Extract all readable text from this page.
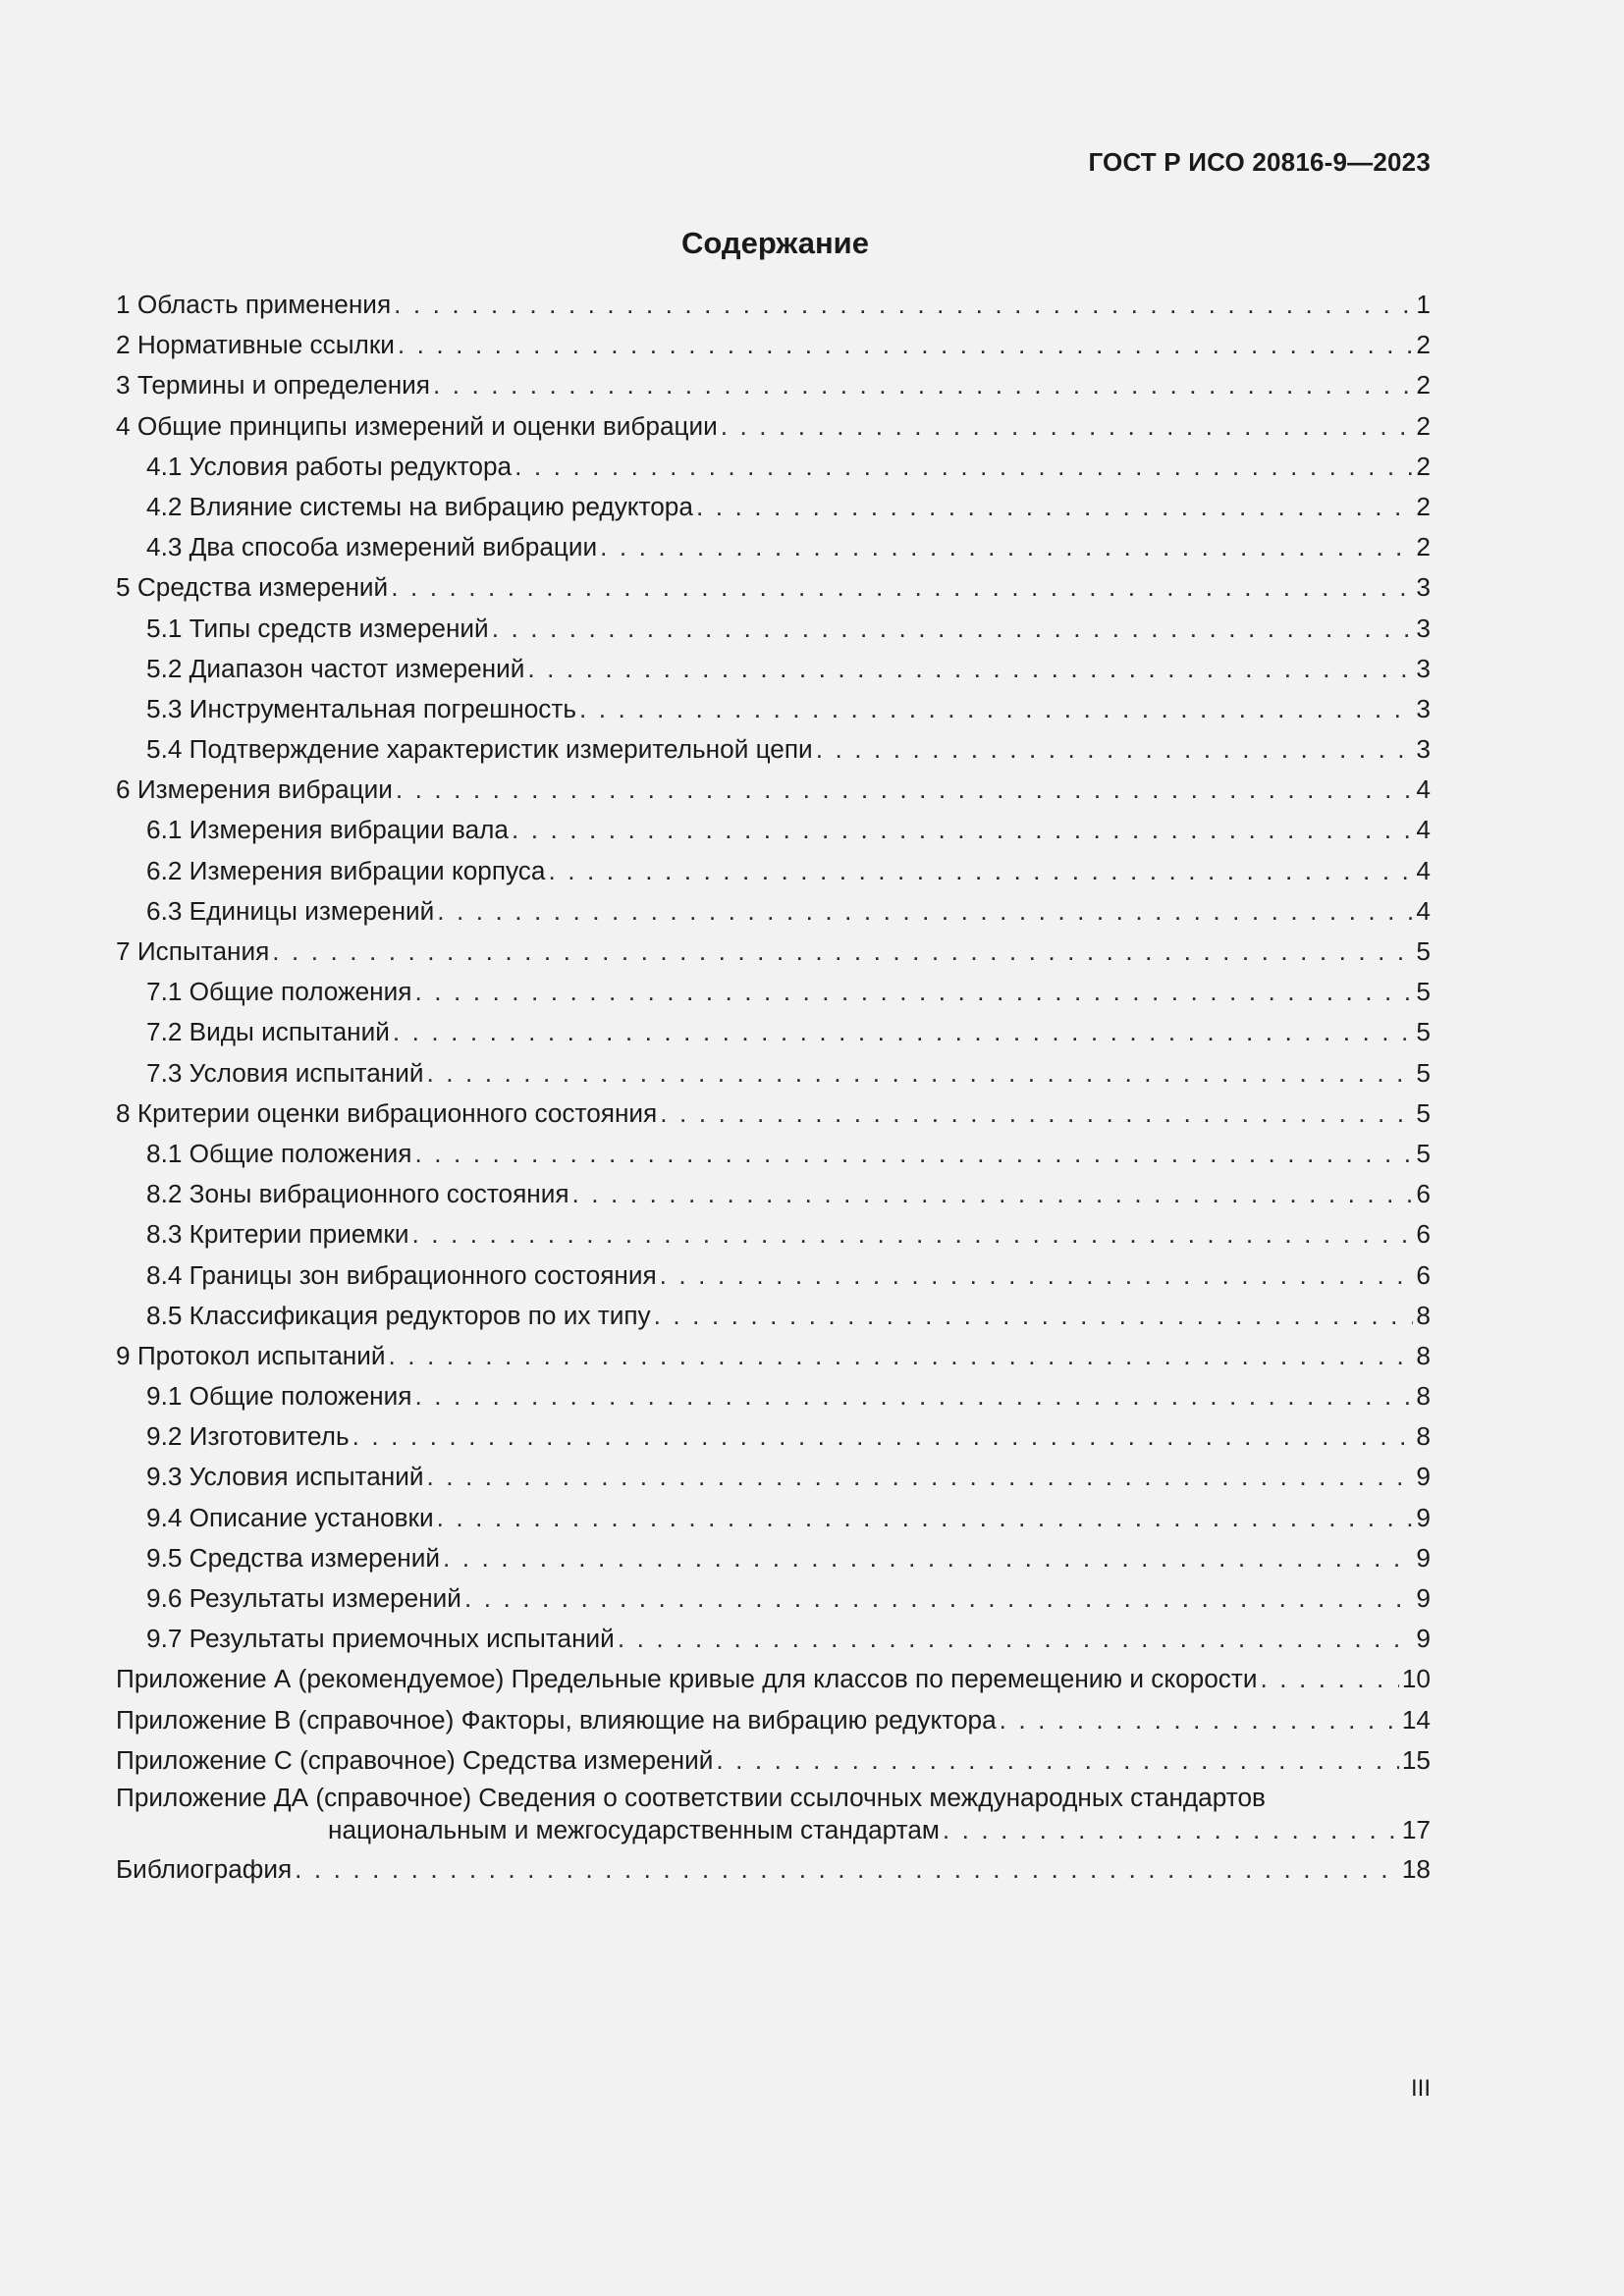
ГОСТ Р ИСО 20816-9—2023
Содержание
1 Область применения . . .	1
2 Нормативные ссылки . . .	2
3 Термины и определения . . .	2
4 Общие принципы измерений и оценки вибрации . . .	2
4.1 Условия работы редуктора . . .	2
4.2 Влияние системы на вибрацию редуктора . . .	2
4.3 Два способа измерений вибрации . . .	2
5 Средства измерений . . .	3
5.1 Типы средств измерений . . .	3
5.2 Диапазон частот измерений . . .	3
5.3 Инструментальная погрешность . . .	3
5.4 Подтверждение характеристик измерительной цепи . . .	3
6 Измерения вибрации . . .	4
6.1 Измерения вибрации вала . . .	4
6.2 Измерения вибрации корпуса . . .	4
6.3 Единицы измерений . . .	4
7 Испытания . . .	5
7.1 Общие положения . . .	5
7.2 Виды испытаний . . .	5
7.3 Условия испытаний . . .	5
8 Критерии оценки вибрационного состояния . . .	5
8.1 Общие положения . . .	5
8.2 Зоны вибрационного состояния . . .	6
8.3 Критерии приемки . . .	6
8.4 Границы зон вибрационного состояния . . .	6
8.5 Классификация редукторов по их типу . . .	8
9 Протокол испытаний . . .	8
9.1 Общие положения . . .	8
9.2 Изготовитель . . .	8
9.3 Условия испытаний . . .	9
9.4 Описание установки . . .	9
9.5 Средства измерений . . .	9
9.6 Результаты измерений . . .	9
9.7 Результаты приемочных испытаний . . .	9
Приложение А (рекомендуемое) Предельные кривые для классов по перемещению и скорости . . .	10
Приложение В (справочное) Факторы, влияющие на вибрацию редуктора . . .	14
Приложение С (справочное) Средства измерений . . .	15
Приложение ДА (справочное) Сведения о соответствии ссылочных международных стандартов
национальным и межгосударственным стандартам . . .	17
Библиография . . .	18
III
